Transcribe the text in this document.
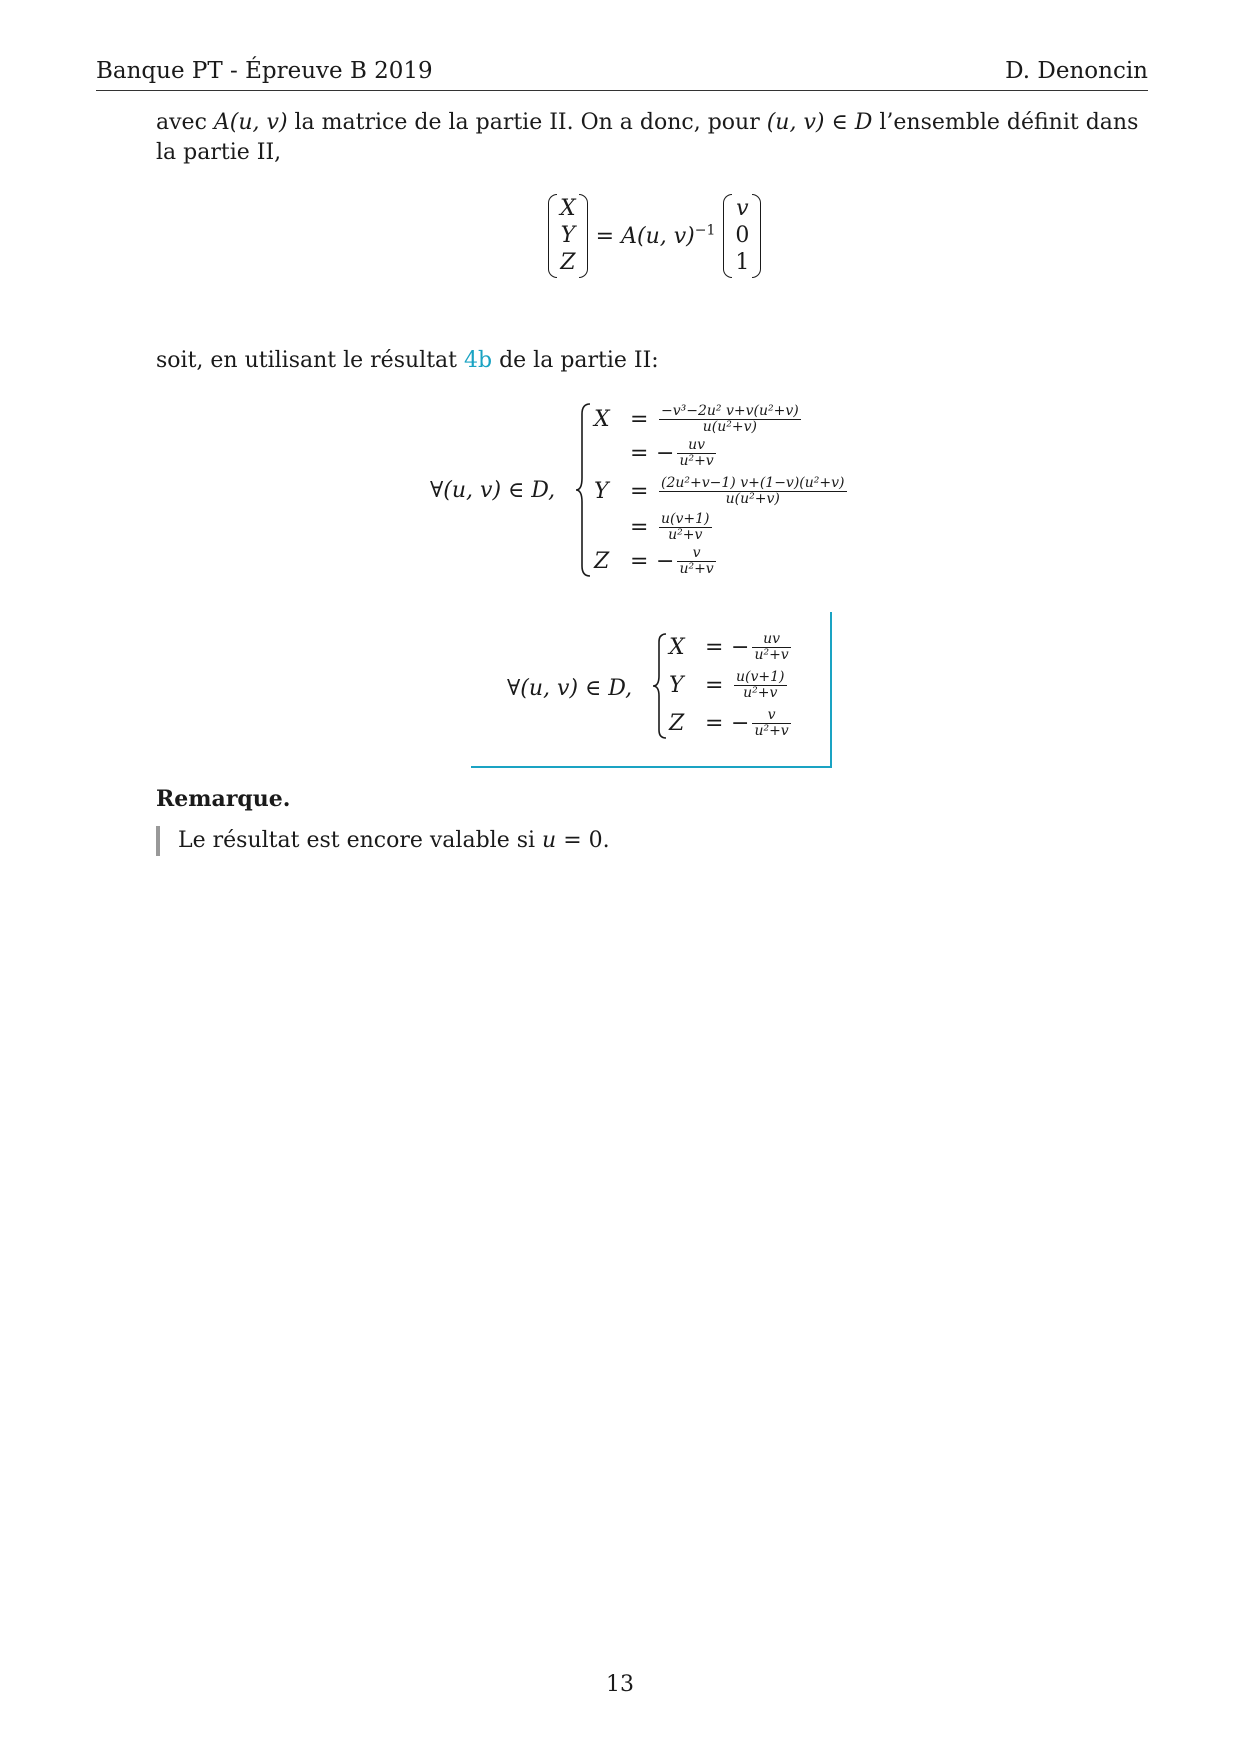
Banque PT - Épreuve B 2019	D. Denoncin
avec A(u, v) la matrice de la partie II. On a donc, pour (u, v) ∈ D l’ensemble définit dans la partie II,
X
Y
Z
= A(u, v)$^{-1}$
v
0
1
soit, en utilisant le résultat 4b de la partie II:
∀(u, v) ∈ D,
$X = \frac{\text{−v³−2u² v+v(u²+v)}}{\text{u(u²+v)}}$
= − $\frac{uv}{\text{u²+v}}$
$Y = \frac{\text{(2u²+v−1) v+(1−v)(u²+v)}}{\text{u(u²+v)}}$
= $\frac{u(v+1)}{\text{u²+v}}$
Z = − $\frac{v}{\text{u²+v}}$
∀(u, v) ∈ D,
X = − $\frac{uv}{\text{u²+v}}$
$Y = \frac{u(v+1)}{\text{u²+v}}$
Z = − $\frac{v}{\text{u²+v}}$
Remarque.
Le résultat est encore valable si u = 0.
13
